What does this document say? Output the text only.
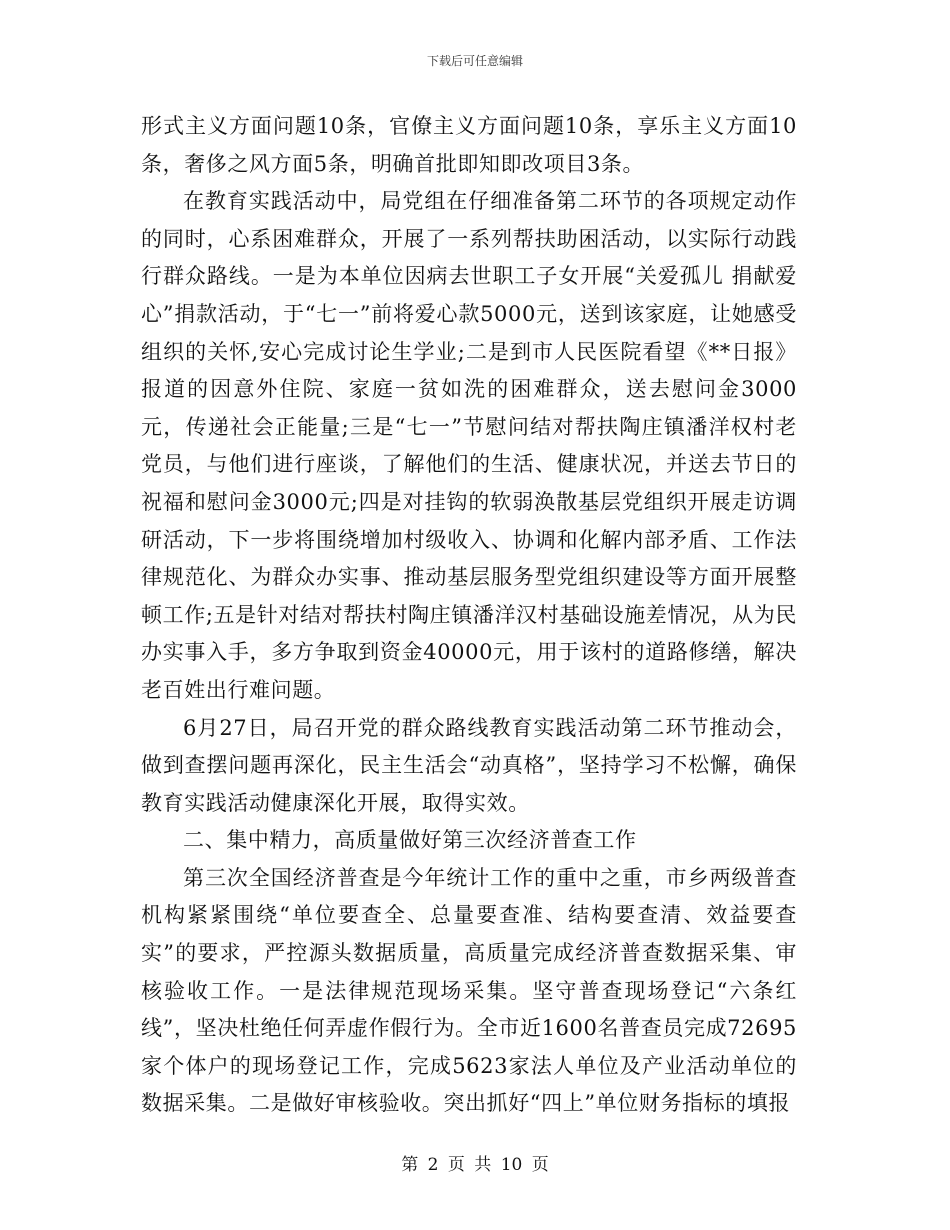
下载后可任意编辑

形式主义方面问题10条，官僚主义方面问题10条，享乐主义方面10条，奢侈之风方面5条，明确首批即知即改项目3条。

在教育实践活动中，局党组在仔细准备第二环节的各项规定动作的同时，心系困难群众，开展了一系列帮扶助困活动，以实际行动践行群众路线。一是为本单位因病去世职工子女开展“关爱孤儿 捐献爱心”捐款活动，于“七一”前将爱心款5000元，送到该家庭，让她感受组织的关怀,安心完成讨论生学业;二是到市人民医院看望《**日报》报道的因意外住院、家庭一贫如洗的困难群众，送去慰问金3000元，传递社会正能量;三是“七一”节慰问结对帮扶陶庄镇潘洋权村老党员，与他们进行座谈，了解他们的生活、健康状况，并送去节日的祝福和慰问金3000元;四是对挂钩的软弱涣散基层党组织开展走访调研活动，下一步将围绕增加村级收入、协调和化解内部矛盾、工作法律规范化、为群众办实事、推动基层服务型党组织建设等方面开展整顿工作;五是针对结对帮扶村陶庄镇潘洋汉村基础设施差情况，从为民办实事入手，多方争取到资金40000元，用于该村的道路修缮，解决老百姓出行难问题。

6月27日，局召开党的群众路线教育实践活动第二环节推动会，做到查摆问题再深化，民主生活会“动真格”，坚持学习不松懈，确保教育实践活动健康深化开展，取得实效。

二、集中精力，高质量做好第三次经济普查工作

第三次全国经济普查是今年统计工作的重中之重，市乡两级普查机构紧紧围绕“单位要查全、总量要查准、结构要查清、效益要查实”的要求，严控源头数据质量，高质量完成经济普查数据采集、审核验收工作。一是法律规范现场采集。坚守普查现场登记“六条红线”，坚决杜绝任何弄虚作假行为。全市近1600名普查员完成72695家个体户的现场登记工作，完成5623家法人单位及产业活动单位的数据采集。二是做好审核验收。突出抓好“四上”单位财务指标的填报

第 2 页 共 10 页
